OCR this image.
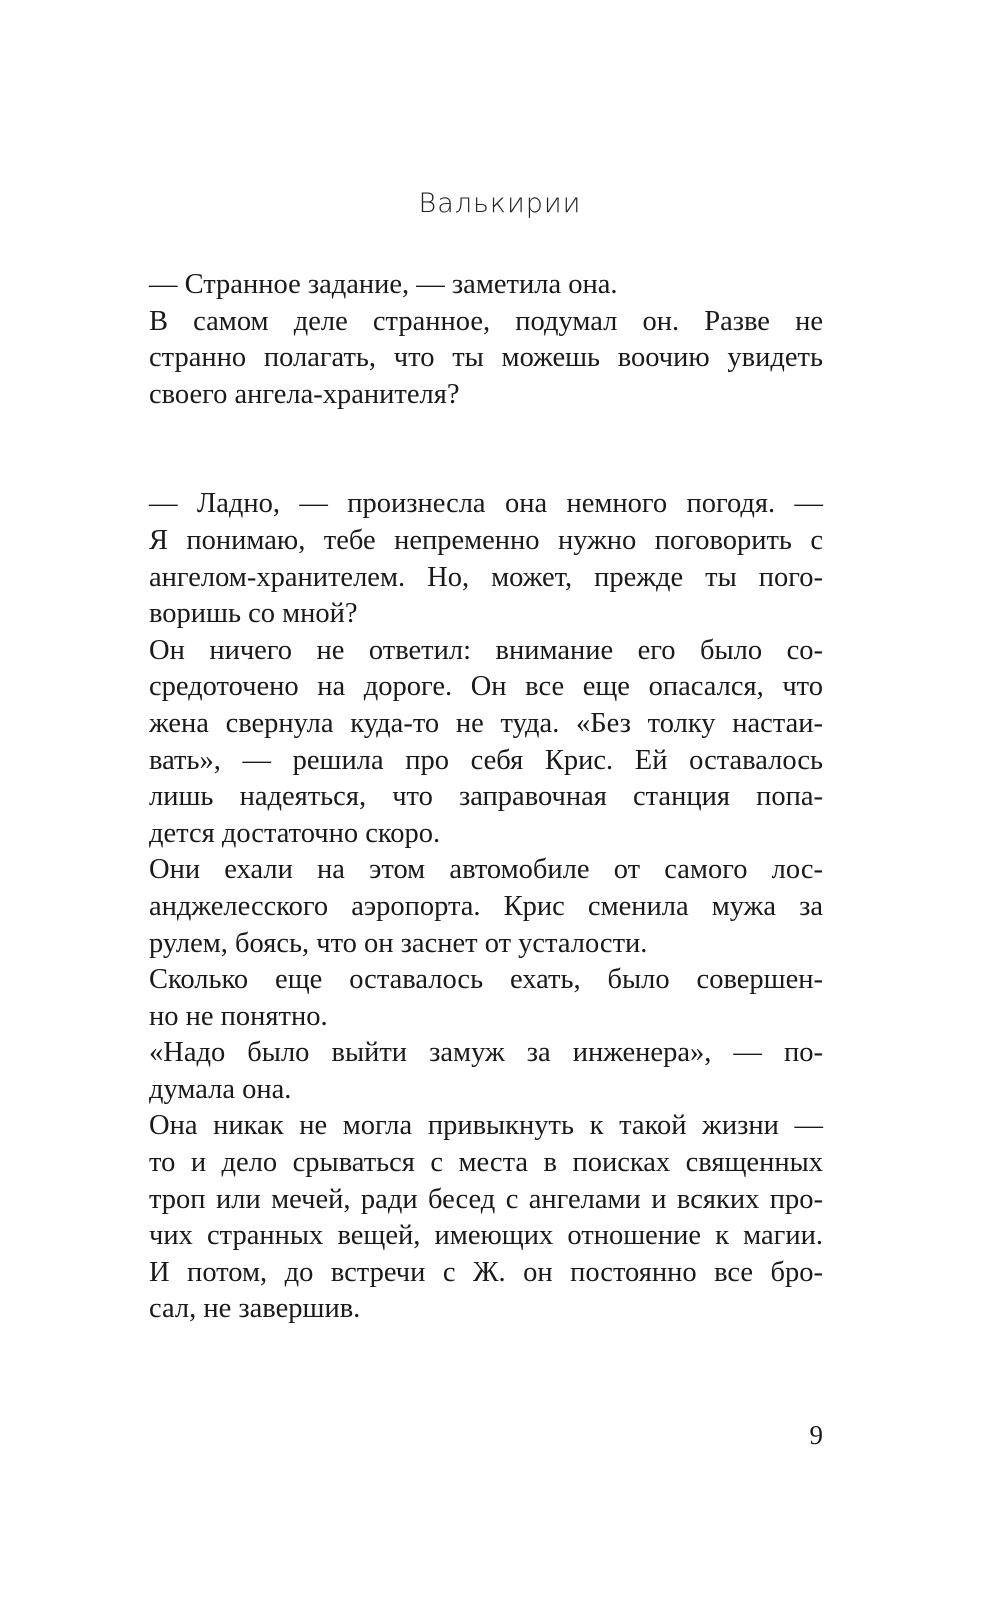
Валькирии

— Странное задание, — заметила она.

В самом деле странное, подумал он. Разве не
странно полагать, что ты можешь воочию увидеть
своего ангела-хранителя?

— Ладно, — произнесла она немного погодя. —
Я понимаю, тебе непременно нужно поговорить с
ангелом-хранителем. Но, может, прежде ты пого-
воришь со мной?

Он ничего не ответил: внимание его было со-
средоточено на дороге. Он все еще опасался, что
жена свернула куда-то не туда. «Без толку настаи-
вать», — решила про себя Крис. Ей оставалось
лишь надеяться, что заправочная станция попа-
дется достаточно скоро.

Они ехали на этом автомобиле от самого лос-
анджелесского аэропорта. Крис сменила мужа за
рулем, боясь, что он заснет от усталости.

Сколько еще оставалось ехать, было совершен-
но не понятно.

«Надо было выйти замуж за инженера», — по-
думала она.

Она никак не могла привыкнуть к такой жизни —
то и дело срываться с места в поисках священных
троп или мечей, ради бесед с ангелами и всяких про-
чих странных вещей, имеющих отношение к магии.

И потом, до встречи с Ж. он постоянно все бро-
сал, не завершив.

9
